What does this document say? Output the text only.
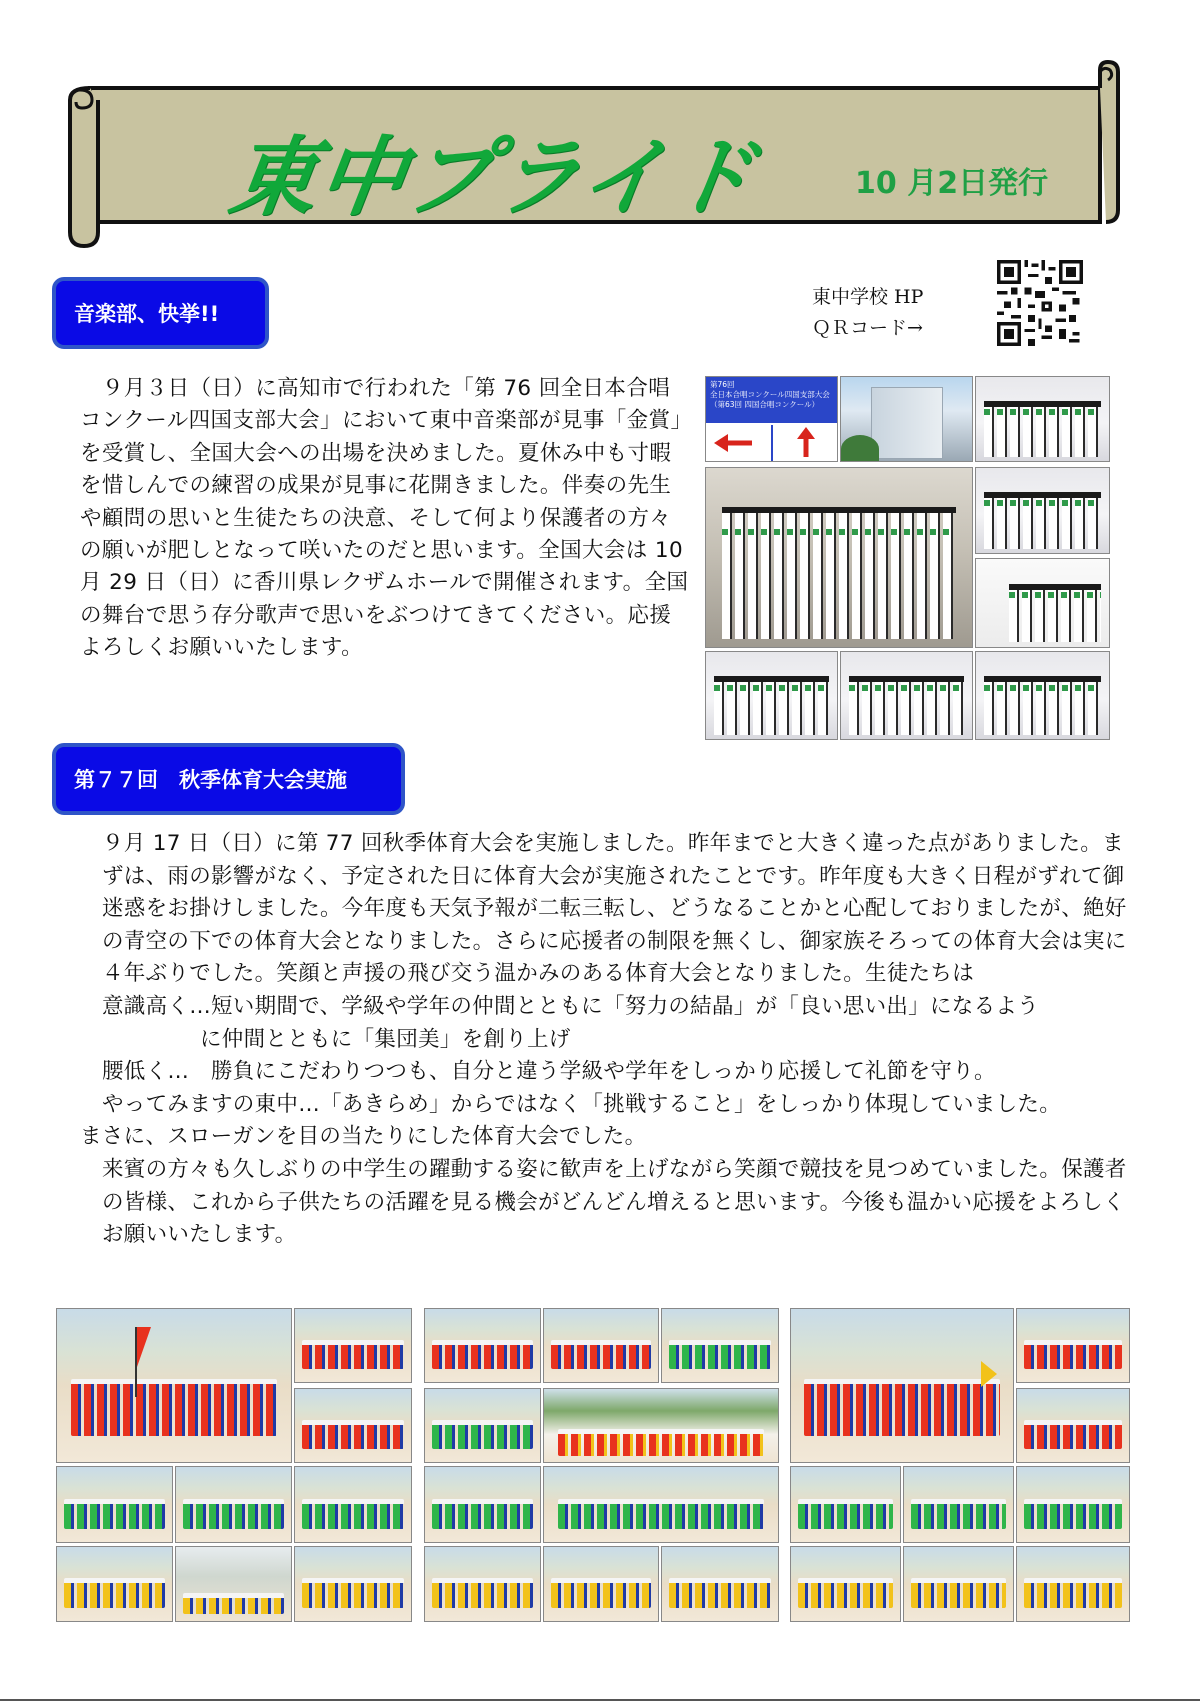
東中プライド	10 月2日発行
音楽部、快挙!!
東中学校 HP
ＱＲコード→
　９月３日（日）に高知市で行われた「第 76 回全日本合唱コンクール四国支部大会」において東中音楽部が見事「金賞」を受賞し、全国大会への出場を決めました。夏休み中も寸暇を惜しんでの練習の成果が見事に花開きました。伴奏の先生や顧問の思いと生徒たちの決意、そして何より保護者の方々の願いが肥しとなって咲いたのだと思います。全国大会は 10 月 29 日（日）に香川県レクザムホールで開催されます。全国の舞台で思う存分歌声で思いをぶつけてきてください。応援よろしくお願いいたします。
第76回
全日本合唱コンクール四国支部大会
（第63回 四国合唱コンクール）
第７７回　秋季体育大会実施

９月 17 日（日）に第 77 回秋季体育大会を実施しました。昨年までと大きく違った点がありました。まずは、雨の影響がなく、予定された日に体育大会が実施されたことです。昨年度も大きく日程がずれて御迷惑をお掛けしました。今年度も天気予報が二転三転し、どうなることかと心配しておりましたが、絶好の青空の下での体育大会となりました。さらに応援者の制限を無くし、御家族そろっての体育大会は実に４年ぶりでした。笑顔と声援の飛び交う温かみのある体育大会となりました。生徒たちは

意識高く…短い期間で、学級や学年の仲間とともに「努力の結晶」が「良い思い出」になるよう

に仲間とともに「集団美」を創り上げ

腰低く…　勝負にこだわりつつも、自分と違う学級や学年をしっかり応援して礼節を守り。

やってみますの東中…「あきらめ」からではなく「挑戦すること」をしっかり体現していました。

まさに、スローガンを目の当たりにした体育大会でした。

来賓の方々も久しぶりの中学生の躍動する姿に歓声を上げながら笑顔で競技を見つめていました。保護者の皆様、これから子供たちの活躍を見る機会がどんどん増えると思います。今後も温かい応援をよろしくお願いいたします。
